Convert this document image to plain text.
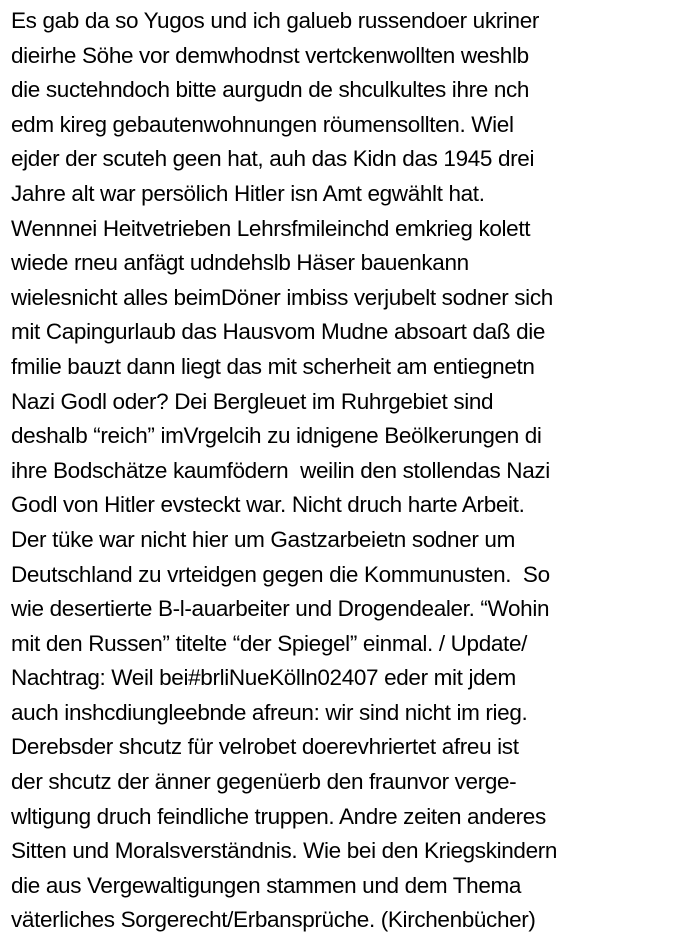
Es gab da so Yugos und ich galueb russendoer ukriner
dieirhe Söhe vor demwhodnst vertckenwollten weshlb
die suctehndoch bitte aurgudn de shculkultes ihre nch
edm kireg gebautenwohnungen röumensollten. Wiel
ejder der scuteh geen hat, auh das Kidn das 1945 drei
Jahre alt war persölich Hitler isn Amt egwählt hat.
Wennnei Heitvetrieben Lehrsfmileinchd emkrieg kolett
wiede rneu anfägt udndehslb Häser bauenkann
wielesnicht alles beimDöner imbiss verjubelt sodner sich
mit Capingurlaub das Hausvom Mudne absoart daß die
fmilie bauzt dann liegt das mit scherheit am entiegnetn
Nazi Godl oder? Dei Bergleuet im Ruhrgebiet sind
deshalb “reich” imVrgelcih zu idnigene Beölkerungen di
ihre Bodschätze kaumfödern  weilin den stollendas Nazi
Godl von Hitler evsteckt war. Nicht druch harte Arbeit.
Der tüke war nicht hier um Gastzarbeietn sodner um
Deutschland zu vrteidgen gegen die Kommunusten.  So
wie desertierte B-l-auarbeiter und Drogendealer. “Wohin
mit den Russen” titelte “der Spiegel” einmal. / Update/
Nachtrag: Weil bei#brliNueKölln02407 eder mit jdem
auch inshcdiungleebnde afreun: wir sind nicht im rieg.
Derebsder shcutz für velrobet doerevhriertet afreu ist
der shcutz der änner gegenüerb den fraunvor verge-
wltigung druch feindliche truppen. Andre zeiten anderes
Sitten und Moralsverständnis. Wie bei den Kriegskindern
die aus Vergewaltigungen stammen und dem Thema
väterliches Sorgerecht/Erbansprüche. (Kirchenbücher)
